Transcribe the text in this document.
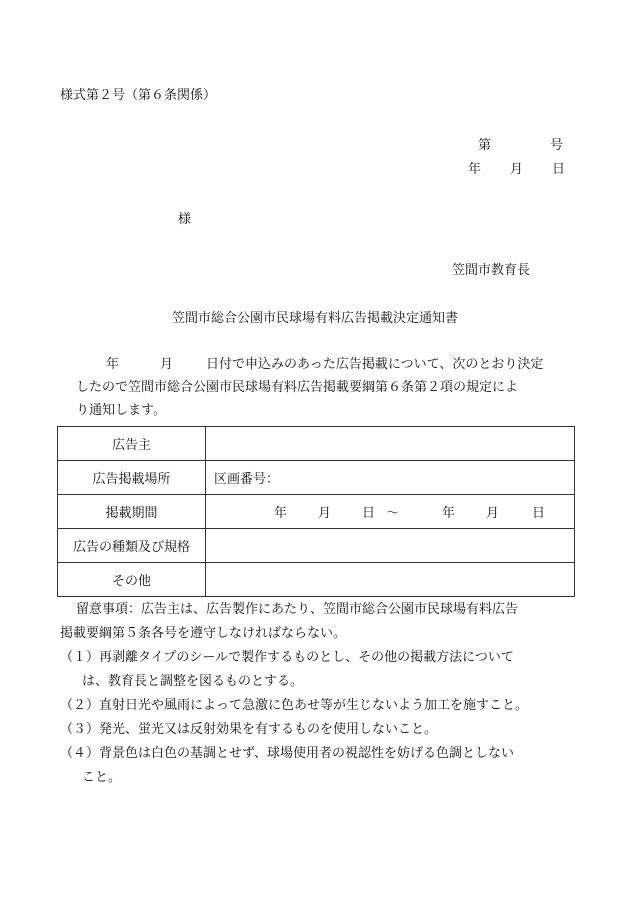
様式第２号（第６条関係）
第	号
年 月 日
様
笠間市教育長
笠間市総合公園市民球場有料広告掲載決定通知書
年	月	日付で申込みのあった広告掲載について、次のとおり決定
したので笠間市総合公園市民球場有料広告掲載要綱第６条第２項の規定によ
り通知します。
広告主	
広告掲載場所	区画番号：
掲載期間	年 月 日 ～ 年 月 日
広告の種類及び規格	
その他	
留意事項：広告主は、広告製作にあたり、笠間市総合公園市民球場有料広告
掲載要綱第５条各号を遵守しなければならない。
（１）再剥離タイプのシールで製作するものとし、その他の掲載方法について
は、教育長と調整を図るものとする。
（２）直射日光や風雨によって急激に色あせ等が生じないよう加工を施すこと。
（３）発光、蛍光又は反射効果を有するものを使用しないこと。
（４）背景色は白色の基調とせず、球場使用者の視認性を妨げる色調としない
こと。
